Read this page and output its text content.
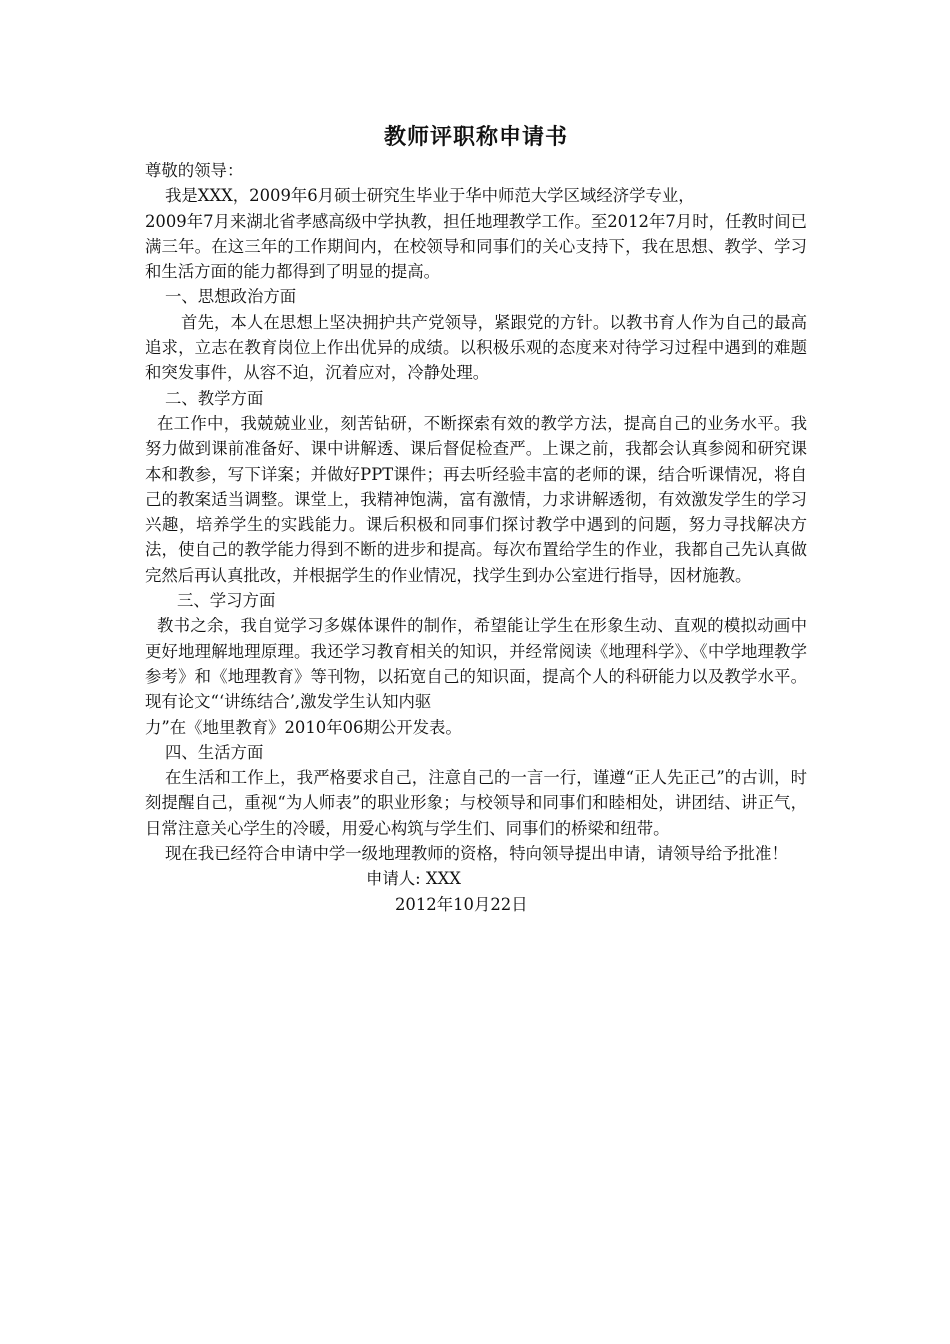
教师评职称申请书

尊敬的领导：

我是XXX，2009年6月硕士研究生毕业于华中师范大学区域经济学专业，

2009年7月来湖北省孝感高级中学执教，担任地理教学工作。至2012年7月时，任教时间已满三年。在这三年的工作期间内，在校领导和同事们的关心支持下，我在思想、教学、学习和生活方面的能力都得到了明显的提高。

一、思想政治方面

首先，本人在思想上坚决拥护共产党领导，紧跟党的方针。以教书育人作为自己的最高追求，立志在教育岗位上作出优异的成绩。以积极乐观的态度来对待学习过程中遇到的难题和突发事件，从容不迫，沉着应对，冷静处理。

二、教学方面

在工作中，我兢兢业业，刻苦钻研，不断探索有效的教学方法，提高自己的业务水平。我努力做到课前准备好、课中讲解透、课后督促检查严。上课之前，我都会认真参阅和研究课本和教参，写下详案；并做好PPT课件；再去听经验丰富的老师的课，结合听课情况，将自己的教案适当调整。课堂上，我精神饱满，富有激情，力求讲解透彻，有效激发学生的学习兴趣，培养学生的实践能力。课后积极和同事们探讨教学中遇到的问题，努力寻找解决方法，使自己的教学能力得到不断的进步和提高。每次布置给学生的作业，我都自己先认真做完然后再认真批改，并根据学生的作业情况，找学生到办公室进行指导，因材施教。

三、学习方面

教书之余，我自觉学习多媒体课件的制作，希望能让学生在形象生动、直观的模拟动画中更好地理解地理原理。我还学习教育相关的知识，并经常阅读《地理科学》、《中学地理教学参考》和《地理教育》等刊物，以拓宽自己的知识面，提高个人的科研能力以及教学水平。现有论文“‘讲练结合’,激发学生认知内驱

力”在《地里教育》2010年06期公开发表。

四、生活方面

在生活和工作上，我严格要求自己，注意自己的一言一行，谨遵“正人先正己”的古训，时刻提醒自己，重视“为人师表”的职业形象；与校领导和同事们和睦相处，讲团结、讲正气，日常注意关心学生的冷暖，用爱心构筑与学生们、同事们的桥梁和纽带。

现在我已经符合申请中学一级地理教师的资格，特向领导提出申请，请领导给予批准！

申请人: XXX

2012年10月22日
